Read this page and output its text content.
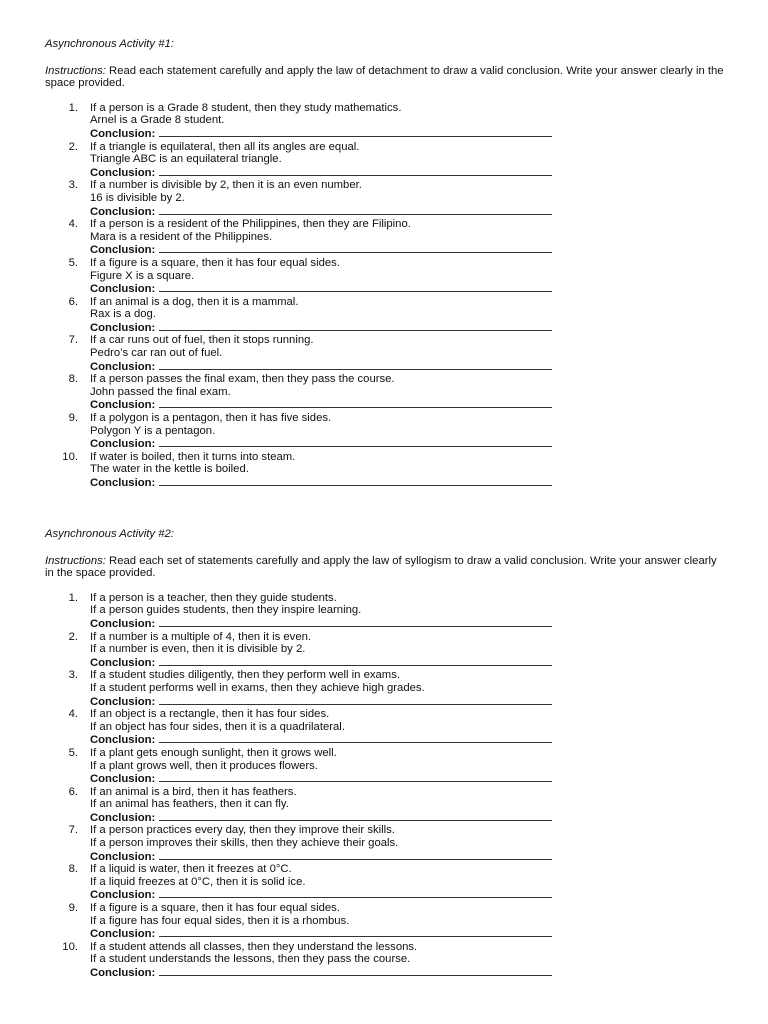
Asynchronous Activity #1:
Instructions: Read each statement carefully and apply the law of detachment to draw a valid conclusion. Write your answer clearly in the space provided.
1. If a person is a Grade 8 student, then they study mathematics.
Arnel is a Grade 8 student.
Conclusion:
2. If a triangle is equilateral, then all its angles are equal.
Triangle ABC is an equilateral triangle.
Conclusion:
3. If a number is divisible by 2, then it is an even number.
16 is divisible by 2.
Conclusion:
4. If a person is a resident of the Philippines, then they are Filipino.
Mara is a resident of the Philippines.
Conclusion:
5. If a figure is a square, then it has four equal sides.
Figure X is a square.
Conclusion:
6. If an animal is a dog, then it is a mammal.
Rax is a dog.
Conclusion:
7. If a car runs out of fuel, then it stops running.
Pedro’s car ran out of fuel.
Conclusion:
8. If a person passes the final exam, then they pass the course.
John passed the final exam.
Conclusion:
9. If a polygon is a pentagon, then it has five sides.
Polygon Y is a pentagon.
Conclusion:
10. If water is boiled, then it turns into steam.
The water in the kettle is boiled.
Conclusion:
Asynchronous Activity #2:
Instructions: Read each set of statements carefully and apply the law of syllogism to draw a valid conclusion. Write your answer clearly in the space provided.
1. If a person is a teacher, then they guide students.
If a person guides students, then they inspire learning.
Conclusion:
2. If a number is a multiple of 4, then it is even.
If a number is even, then it is divisible by 2.
Conclusion:
3. If a student studies diligently, then they perform well in exams.
If a student performs well in exams, then they achieve high grades.
Conclusion:
4. If an object is a rectangle, then it has four sides.
If an object has four sides, then it is a quadrilateral.
Conclusion:
5. If a plant gets enough sunlight, then it grows well.
If a plant grows well, then it produces flowers.
Conclusion:
6. If an animal is a bird, then it has feathers.
If an animal has feathers, then it can fly.
Conclusion:
7. If a person practices every day, then they improve their skills.
If a person improves their skills, then they achieve their goals.
Conclusion:
8. If a liquid is water, then it freezes at 0°C.
If a liquid freezes at 0°C, then it is solid ice.
Conclusion:
9. If a figure is a square, then it has four equal sides.
If a figure has four equal sides, then it is a rhombus.
Conclusion:
10. If a student attends all classes, then they understand the lessons.
If a student understands the lessons, then they pass the course.
Conclusion:
